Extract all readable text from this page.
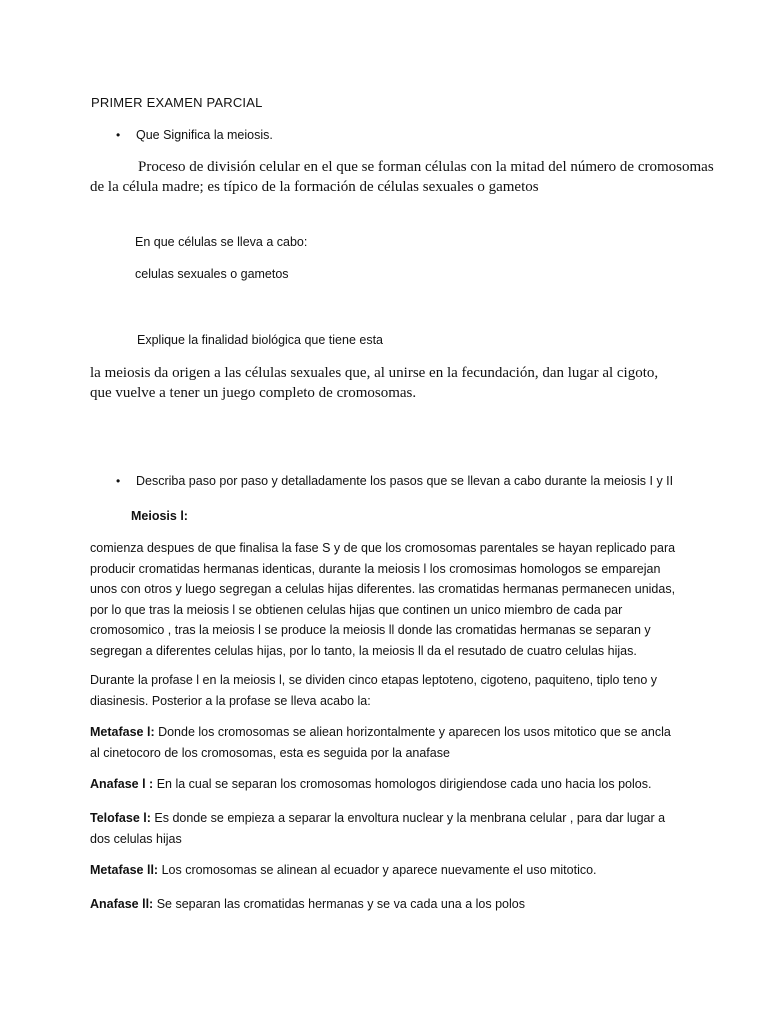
PRIMER EXAMEN PARCIAL
• Que Significa la meiosis.
Proceso de división celular en el que se forman células con la mitad del número de cromosomas
de la célula madre; es típico de la formación de células sexuales o gametos
En que células se lleva a cabo:
celulas sexuales o gametos
Explique la finalidad biológica que tiene esta
la meiosis da origen a las células sexuales que, al unirse en la fecundación, dan lugar al cigoto,
que vuelve a tener un juego completo de cromosomas.
• Describa paso por paso y detalladamente los pasos que se llevan a cabo durante la meiosis I y II
Meiosis l:

comienza despues de que finalisa la fase S y de que los cromosomas parentales se hayan replicado para

producir cromatidas hermanas identicas, durante la meiosis l los cromosimas homologos se emparejan

unos con otros y luego segregan a celulas hijas diferentes. las cromatidas hermanas permanecen unidas,

por lo que tras la meiosis l se obtienen celulas hijas que continen un unico miembro de cada par

cromosomico , tras la meiosis l se produce la meiosis ll donde las cromatidas hermanas se separan y

segregan a diferentes celulas hijas, por lo tanto, la meiosis ll da el resutado de cuatro celulas hijas.

Durante la profase l en la meiosis l, se dividen cinco etapas leptoteno, cigoteno, paquiteno, tiplo teno y

diasinesis. Posterior a la profase se lleva acabo la:

Metafase l: Donde los cromosomas se aliean horizontalmente y aparecen los usos mitotico que se ancla

al cinetocoro de los cromosomas, esta es seguida por la anafase

Anafase l : En la cual se separan los cromosomas homologos dirigiendose cada uno hacia los polos.

Telofase l: Es donde se empieza a separar la envoltura nuclear y la menbrana celular , para dar lugar a

dos celulas hijas

Metafase ll: Los cromosomas se alinean al ecuador y aparece nuevamente el uso mitotico.

Anafase ll: Se separan las cromatidas hermanas y se va cada una a los polos
